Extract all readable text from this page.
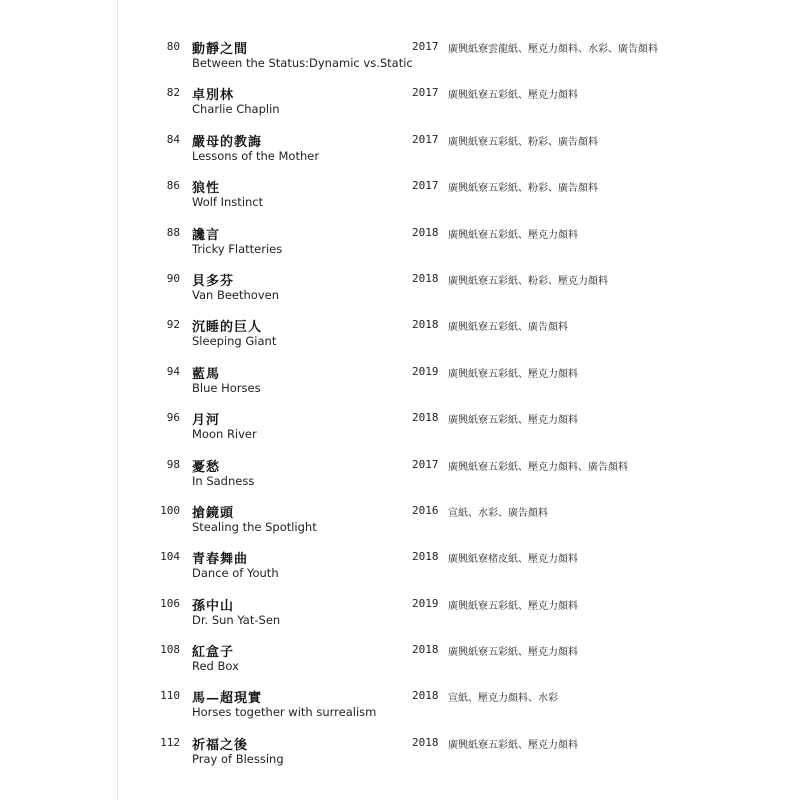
80 動靜之間
Between the Status:Dynamic vs.Static
2017 廣興紙寮雲龍紙、壓克力顏料、水彩、廣告顏料
82 卓別林
Charlie Chaplin
2017 廣興紙寮五彩紙、壓克力顏料
84 嚴母的教誨
Lessons of the Mother
2017 廣興紙寮五彩紙、粉彩、廣告顏料
86 狼性
Wolf Instinct
2017 廣興紙寮五彩紙、粉彩、廣告顏料
88 讒言
Tricky Flatteries
2018 廣興紙寮五彩紙、壓克力顏料
90 貝多芬
Van Beethoven
2018 廣興紙寮五彩紙、粉彩、壓克力顏料
92 沉睡的巨人
Sleeping Giant
2018 廣興紙寮五彩紙、廣告顏料
94 藍馬
Blue Horses
2019 廣興紙寮五彩紙、壓克力顏料
96 月河
Moon River
2018 廣興紙寮五彩紙、壓克力顏料
98 憂愁
In Sadness
2017 廣興紙寮五彩紙、壓克力顏料、廣告顏料
100 搶鏡頭
Stealing the Spotlight
2016 宣紙、水彩、廣告顏料
104 青春舞曲
Dance of Youth
2018 廣興紙寮楮皮紙、壓克力顏料
106 孫中山
Dr. Sun Yat-Sen
2019 廣興紙寮五彩紙、壓克力顏料
108 紅盒子
Red Box
2018 廣興紙寮五彩紙、壓克力顏料
110 馬—超現實
Horses together with surrealism
2018 宣紙、壓克力顏料、水彩
112 祈福之後
Pray of Blessing
2018 廣興紙寮五彩紙、壓克力顏料
